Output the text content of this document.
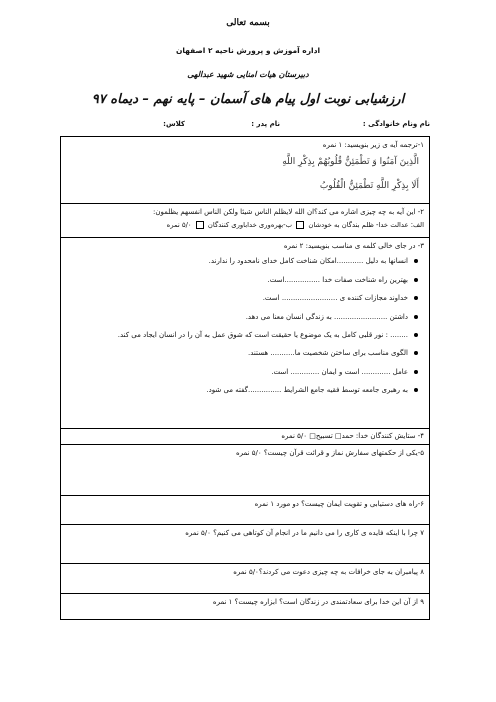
بسمه تعالی
اداره آموزش و پرورش ناحیه ۲ اصفهان
دبیرستان هیات امنایی شهید عبدالهی
ارزشیابی نوبت اول پیام های آسمان – پایه نهم – دیماه ۹۷
نام ونام خانوادگی :
نام پدر :
کلاس:
۱-ترجمه آیه ی زیر بنویسید: ۱ نمره
الَّذِینَ آمَنُوا وَ تَطْمَئِنُّ قُلُوبُهُمْ بِذِکْرِ اللَّهِ
أَلَا بِذِکْرِ اللَّهِ تَطْمَئِنُّ الْقُلُوبُ
۲- این آیه به چه چیزی اشاره می کند؟ان الله لایظلم الناس شیئا ولکن الناس انفسهم یظلمون:
الف: عدالت خدا- ظلم بندگان به خودشان  ب-بهره‌وری خداباوری کنندگان  ۵/۰ نمره
۳- در جای خالی کلمه ی مناسب بنویسید: ۲ نمره
انسانها به دلیل ............امکان شناخت کامل خدای نامحدود را ندارند.
بهترین راه شناخت صفات خدا ................است.
خداوند مجازات کننده ی ......................... است.
داشتن ........................ به زندگی انسان معنا می دهد.
........ : نور قلبی کامل به یک موضوع یا حقیقت است که شوق عمل به آن را در انسان ایجاد می کند.
الگوی مناسب برای ساختن شخصیت ما........... هستند.
عامل ............. است و ایمان ............. است.
به رهبری جامعه توسط فقیه جامع الشرایط ...............گفته می شود.
۴- ستایش کنندگان خدا: حمد□ تسبیح□ ۵/۰ نمره
۵-یکی از حکمتهای سفارش نماز و قرائت قرآن چیست؟ ۵/۰ نمره
۶-راه های دستیابی و تقویت ایمان چیست؟ دو مورد ۱ نمره
۷ چرا با اینکه فایده ی کاری را می دانیم ما در انجام آن کوتاهی می کنیم؟ ۵/۰ نمره
۸ پیامبران به جای خرافات به چه چیزی دعوت می کردند؟۵/۰ نمره
۹ از آن این خدا برای سعادتمندی در زندگان است؟ ابزاره چیست؟ ۱ نمره
